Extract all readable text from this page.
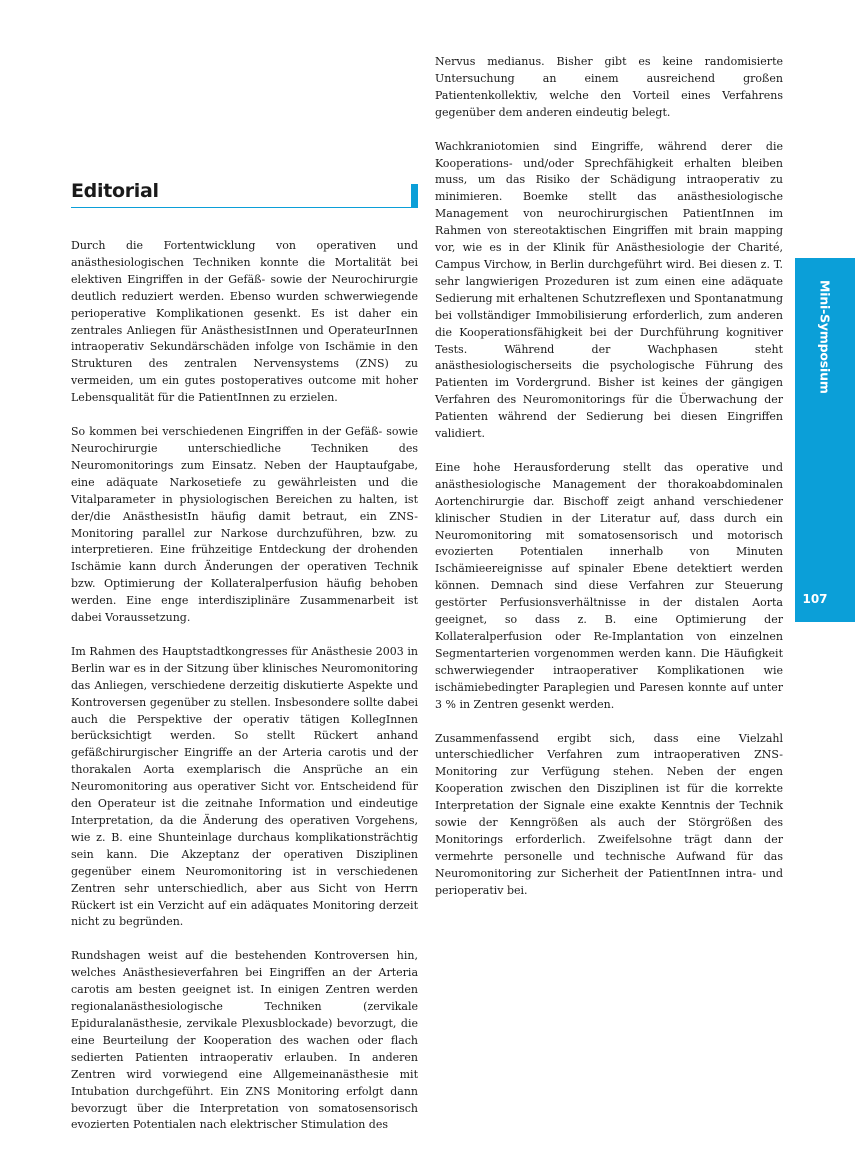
Editorial

Durch die Fortentwicklung von operativen und anästhesiologischen Techniken konnte die Mortalität bei elektiven Eingriffen in der Gefäß- sowie der Neurochirurgie deutlich reduziert werden. Ebenso wurden schwerwiegende perioperative Komplikationen gesenkt. Es ist daher ein zentrales Anliegen für AnästhesistInnen und OperateurInnen intraoperativ Sekundärschäden infolge von Ischämie in den Strukturen des zentralen Nervensystems (ZNS) zu vermeiden, um ein gutes postoperatives outcome mit hoher Lebensqualität für die PatientInnen zu erzielen.

So kommen bei verschiedenen Eingriffen in der Gefäß- sowie Neurochirurgie unterschiedliche Techniken des Neuromonitorings zum Einsatz. Neben der Hauptaufgabe, eine adäquate Narkosetiefe zu gewährleisten und die Vitalparameter in physiologischen Bereichen zu halten, ist der/die AnästhesistIn häufig damit betraut, ein ZNS-Monitoring parallel zur Narkose durchzuführen, bzw. zu interpretieren. Eine frühzeitige Entdeckung der drohenden Ischämie kann durch Änderungen der operativen Technik bzw. Optimierung der Kollateralperfusion häufig behoben werden. Eine enge interdisziplinäre Zusammenarbeit ist dabei Voraussetzung.

Im Rahmen des Hauptstadtkongresses für Anästhesie 2003 in Berlin war es in der Sitzung über klinisches Neuromonitoring das Anliegen, verschiedene derzeitig diskutierte Aspekte und Kontroversen gegenüber zu stellen. Insbesondere sollte dabei auch die Perspektive der operativ tätigen KollegInnen berücksichtigt werden. So stellt Rückert anhand gefäßchirurgischer Eingriffe an der Arteria carotis und der thorakalen Aorta exemplarisch die Ansprüche an ein Neuromonitoring aus operativer Sicht vor. Entscheidend für den Operateur ist die zeitnahe Information und eindeutige Interpretation, da die Änderung des operativen Vorgehens, wie z. B. eine Shunteinlage durchaus komplikationsträchtig sein kann. Die Akzeptanz der operativen Disziplinen gegenüber einem Neuromonitoring ist in verschiedenen Zentren sehr unterschiedlich, aber aus Sicht von Herrn Rückert ist ein Verzicht auf ein adäquates Monitoring derzeit nicht zu begründen.

Rundshagen weist auf die bestehenden Kontroversen hin, welches Anästhesieverfahren bei Eingriffen an der Arteria carotis am besten geeignet ist. In einigen Zentren werden regionalanästhesiologische Techniken (zervikale Epiduralanästhesie, zervikale Plexusblockade) bevorzugt, die eine Beurteilung der Kooperation des wachen oder flach sedierten Patienten intraoperativ erlauben. In anderen Zentren wird vorwiegend eine Allgemeinanästhesie mit Intubation durchgeführt. Ein ZNS Monitoring erfolgt dann bevorzugt über die Interpretation von somatosensorisch evozierten Potentialen nach elektrischer Stimulation des

Nervus medianus. Bisher gibt es keine randomisierte Untersuchung an einem ausreichend großen Patientenkollektiv, welche den Vorteil eines Verfahrens gegenüber dem anderen eindeutig belegt.

Wachkraniotomien sind Eingriffe, während derer die Kooperations- und/oder Sprechfähigkeit erhalten bleiben muss, um das Risiko der Schädigung intraoperativ zu minimieren. Boemke stellt das anästhesiologische Management von neurochirurgischen PatientInnen im Rahmen von stereotaktischen Eingriffen mit brain mapping vor, wie es in der Klinik für Anästhesiologie der Charité, Campus Virchow, in Berlin durchgeführt wird. Bei diesen z. T. sehr langwierigen Prozeduren ist zum einen eine adäquate Sedierung mit erhaltenen Schutzreflexen und Spontanatmung bei vollständiger Immobilisierung erforderlich, zum anderen die Kooperationsfähigkeit bei der Durchführung kognitiver Tests. Während der Wachphasen steht anästhesiologischerseits die psychologische Führung des Patienten im Vordergrund. Bisher ist keines der gängigen Verfahren des Neuromonitorings für die Überwachung der Patienten während der Sedierung bei diesen Eingriffen validiert.

Eine hohe Herausforderung stellt das operative und anästhesiologische Management der thorakoabdominalen Aortenchirurgie dar. Bischoff zeigt anhand verschiedener klinischer Studien in der Literatur auf, dass durch ein Neuromonitoring mit somatosensorisch und motorisch evozierten Potentialen innerhalb von Minuten Ischämieereignisse auf spinaler Ebene detektiert werden können. Demnach sind diese Verfahren zur Steuerung gestörter Perfusionsverhältnisse in der distalen Aorta geeignet, so dass z. B. eine Optimierung der Kollateralperfusion oder Re-Implantation von einzelnen Segmentarterien vorgenommen werden kann. Die Häufigkeit schwerwiegender intraoperativer Komplikationen wie ischämiebedingter Paraplegien und Paresen konnte auf unter 3 % in Zentren gesenkt werden.

Zusammenfassend ergibt sich, dass eine Vielzahl unterschiedlicher Verfahren zum intraoperativen ZNS-Monitoring zur Verfügung stehen. Neben der engen Kooperation zwischen den Disziplinen ist für die korrekte Interpretation der Signale eine exakte Kenntnis der Technik sowie der Kenngrößen als auch der Störgrößen des Monitorings erforderlich. Zweifelsohne trägt dann der vermehrte personelle und technische Aufwand für das Neuromonitoring zur Sicherheit der PatientInnen intra- und perioperativ bei.

Mini-Symposium
107
